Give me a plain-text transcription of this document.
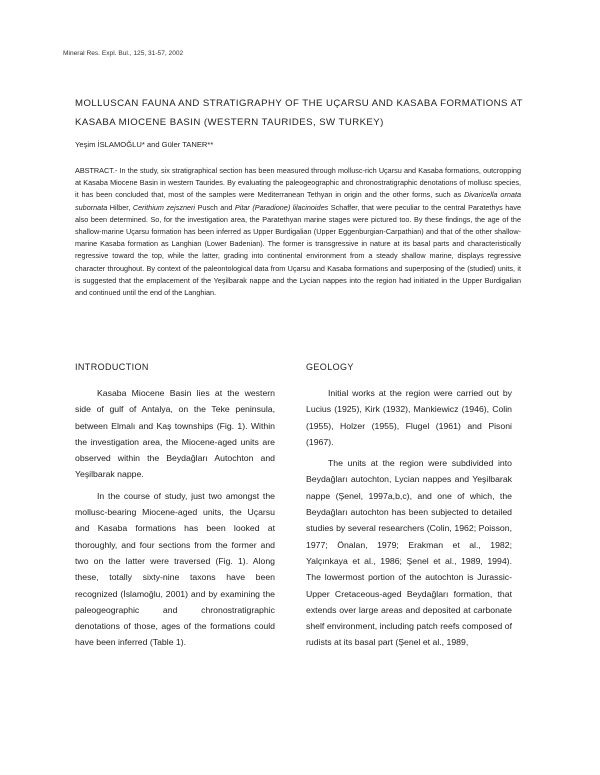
Mineral Res. Expl. Bul., 125, 31-57, 2002
MOLLUSCAN FAUNA AND STRATIGRAPHY OF THE UÇARSU AND KASABA FORMATIONS AT KASABA MIOCENE BASIN (WESTERN TAURIDES, SW TURKEY)
Yeşim İSLAMOĞLU* and Güler TANER**
ABSTRACT.- In the study, six stratigraphical section has been measured through mollusc-rich Uçarsu and Kasaba formations, outcropping at Kasaba Miocene Basin in western Taurides. By evaluating the paleogeographic and chronostratigraphic denotations of mollusc species, it has been concluded that, most of the samples were Mediterranean Tethyan in origin and the other forms, such as Divaricella ornata subornata Hilber, Cerithium zejszneri Pusch and Pitar (Paradione) lilacinoides Schaffer, that were peculiar to the central Paratethys have also been determined. So, for the investigation area, the Paratethyan marine stages were pictured too. By these findings, the age of the shallow-marine Uçarsu formation has been inferred as Upper Burdigalian (Upper Eggenburgian-Carpathian) and that of the other shallow-marine Kasaba formation as Langhian (Lower Badenian). The former is transgressive in nature at its basal parts and characteristically regressive toward the top, while the latter, grading into continental environment from a steady shallow marine, displays regressive character throughout. By context of the paleontological data from Uçarsu and Kasaba formations and superposing of the (studied) units, it is suggested that the emplacement of the Yeşilbarak nappe and the Lycian nappes into the region had initiated in the Upper Burdigalian and continued until the end of the Langhian.
INTRODUCTION

Kasaba Miocene Basin lies at the western side of gulf of Antalya, on the Teke peninsula, between Elmalı and Kaş townships (Fig. 1). Within the investigation area, the Miocene-aged units are observed within the Beydağları Autochton and Yeşilbarak nappe.

In the course of study, just two amongst the mollusc-bearing Miocene-aged units, the Uçarsu and Kasaba formations has been looked at thoroughly, and four sections from the former and two on the latter were traversed (Fig. 1). Along these, totally sixty-nine taxons have been recognized (İslamoğlu, 2001) and by examining the paleogeographic and chronostratigraphic denotations of those, ages of the formations could have been inferred (Table 1).

GEOLOGY

Initial works at the region were carried out by Lucius (1925), Kirk (1932), Mankiewicz (1946), Colin (1955), Holzer (1955), Flugel (1961) and Pisoni (1967).

The units at the region were subdivided into Beydağları autochton, Lycian nappes and Yeşilbarak nappe (Şenel, 1997a,b,c), and one of which, the Beydağları autochton has been subjected to detailed studies by several researchers (Colin, 1962; Poisson, 1977; Önalan, 1979; Erakman et al., 1982; Yalçınkaya et al., 1986; Şenel et al., 1989, 1994). The lowermost portion of the autochton is Jurassic-Upper Cretaceous-aged Beydağları formation, that extends over large areas and deposited at carbonate shelf environment, including patch reefs composed of rudists at its basal part (Şenel et al., 1989,
